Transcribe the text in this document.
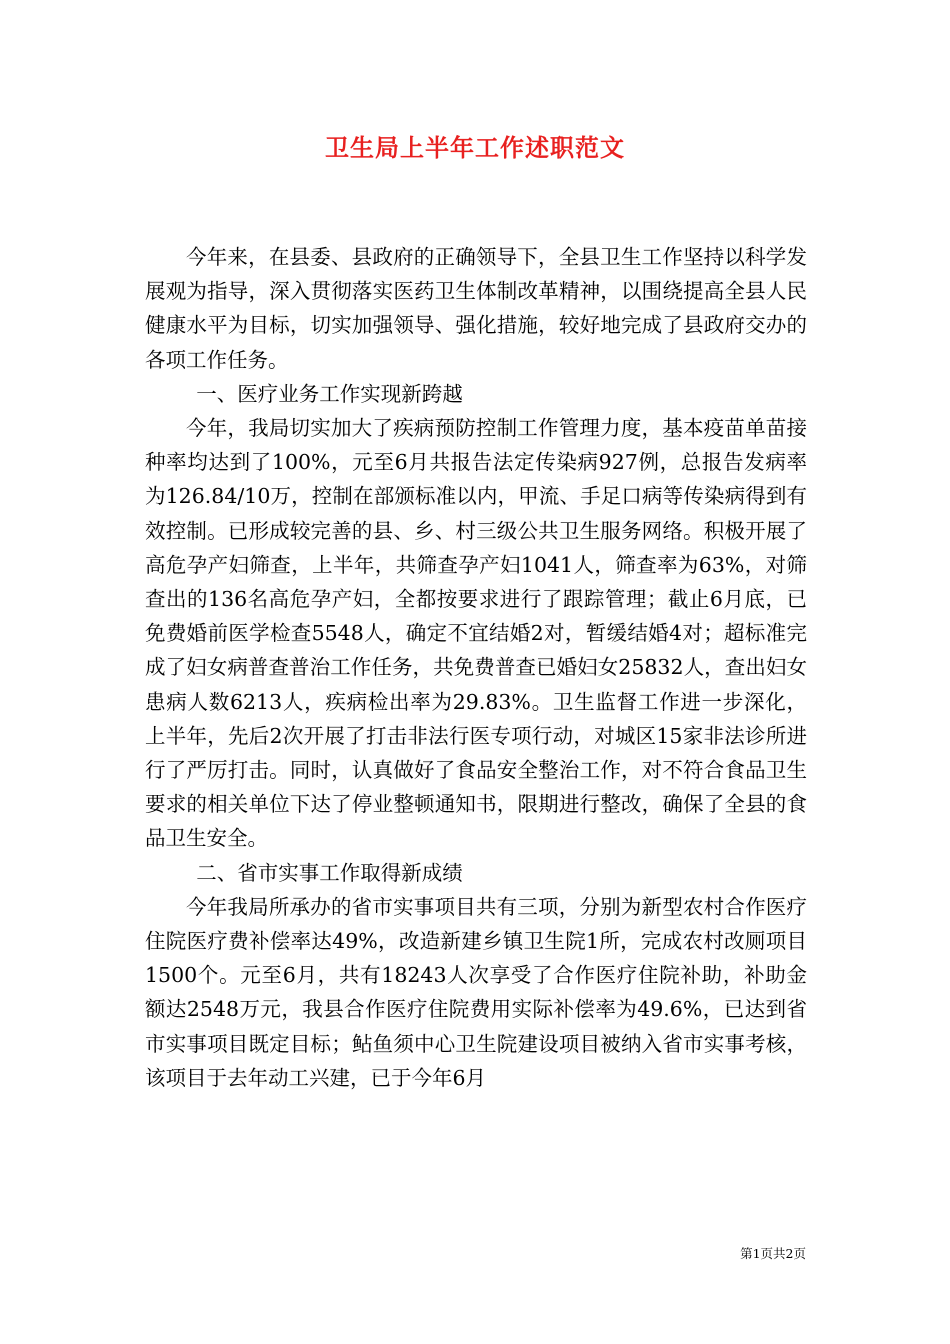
卫生局上半年工作述职范文

今年来，在县委、县政府的正确领导下，全县卫生工作坚持以科学发展观为指导，深入贯彻落实医药卫生体制改革精神，以围绕提高全县人民健康水平为目标，切实加强领导、强化措施，较好地完成了县政府交办的各项工作任务。

一、医疗业务工作实现新跨越

今年，我局切实加大了疾病预防控制工作管理力度，基本疫苗单苗接种率均达到了100%，元至6月共报告法定传染病927例，总报告发病率为126.84/10万，控制在部颁标准以内，甲流、手足口病等传染病得到有效控制。已形成较完善的县、乡、村三级公共卫生服务网络。积极开展了高危孕产妇筛查，上半年，共筛查孕产妇1041人，筛查率为63%，对筛查出的136名高危孕产妇，全都按要求进行了跟踪管理；截止6月底，已免费婚前医学检查5548人，确定不宜结婚2对，暂缓结婚4对；超标准完成了妇女病普查普治工作任务，共免费普查已婚妇女25832人，查出妇女患病人数6213人，疾病检出率为29.83%。卫生监督工作进一步深化，上半年，先后2次开展了打击非法行医专项行动，对城区15家非法诊所进行了严厉打击。同时，认真做好了食品安全整治工作，对不符合食品卫生要求的相关单位下达了停业整顿通知书，限期进行整改，确保了全县的食品卫生安全。

二、省市实事工作取得新成绩

今年我局所承办的省市实事项目共有三项，分别为新型农村合作医疗住院医疗费补偿率达49%，改造新建乡镇卫生院1所，完成农村改厕项目1500个。元至6月，共有18243人次享受了合作医疗住院补助，补助金额达2548万元，我县合作医疗住院费用实际补偿率为49.6%，已达到省市实事项目既定目标；鲇鱼须中心卫生院建设项目被纳入省市实事考核，该项目于去年动工兴建，已于今年6月

第1页共2页
